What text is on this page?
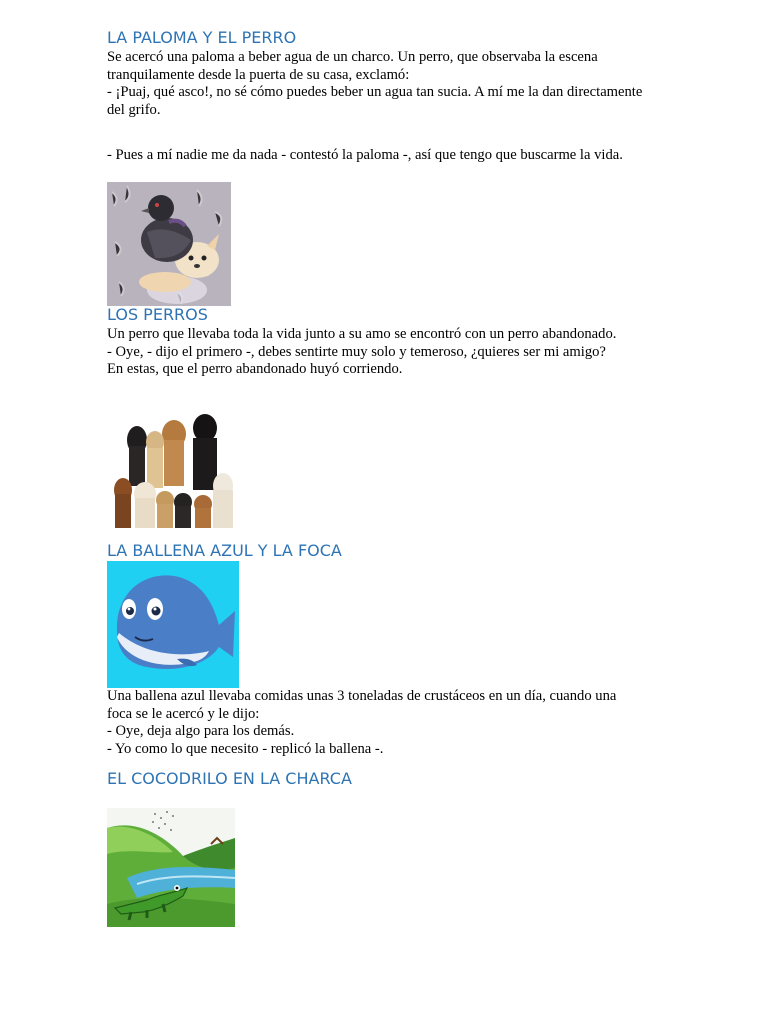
LA PALOMA Y EL PERRO
Se acercó una paloma a beber agua de un charco. Un perro, que observaba la escena
tranquilamente desde la puerta de su casa, exclamó:
- ¡Puaj, qué asco!, no sé cómo puedes beber un agua tan sucia. A mí me la dan directamente
del grifo.
- Pues a mí nadie me da nada - contestó la paloma -, así que tengo que buscarme la vida.
LOS PERROS
Un perro que llevaba toda la vida junto a su amo se encontró con un perro abandonado.
- Oye, - dijo el primero -, debes sentirte muy solo y temeroso, ¿quieres ser mi amigo?
En estas, que el perro abandonado huyó corriendo.
LA BALLENA AZUL Y LA FOCA
Una ballena azul llevaba comidas unas 3 toneladas de crustáceos en un día, cuando una
foca se le acercó y le dijo:
- Oye, deja algo para los demás.
- Yo como lo que necesito - replicó la ballena -.
EL COCODRILO EN LA CHARCA
